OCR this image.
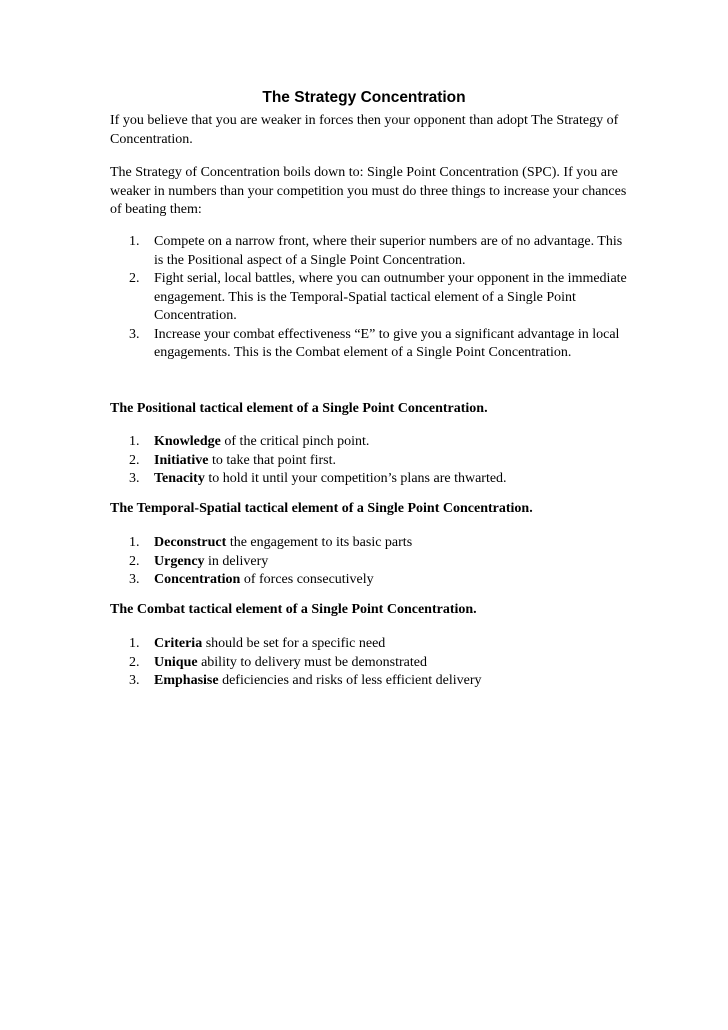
The Strategy Concentration
If you believe that you are weaker in forces then your opponent than adopt The Strategy of Concentration.
The Strategy of Concentration boils down to: Single Point Concentration (SPC). If you are weaker in numbers than your competition you must do three things to increase your chances of beating them:
1. Compete on a narrow front, where their superior numbers are of no advantage. This is the Positional aspect of a Single Point Concentration.
2. Fight serial, local battles, where you can outnumber your opponent in the immediate engagement. This is the Temporal-Spatial tactical element of a Single Point Concentration.
3. Increase your combat effectiveness “E” to give you a significant advantage in local engagements. This is the Combat element of a Single Point Concentration.
The Positional tactical element of a Single Point Concentration.
1. Knowledge of the critical pinch point.
2. Initiative to take that point first.
3. Tenacity to hold it until your competition’s plans are thwarted.
The Temporal-Spatial tactical element of a Single Point Concentration.
1. Deconstruct the engagement to its basic parts
2. Urgency in delivery
3. Concentration of forces consecutively
The Combat tactical element of a Single Point Concentration.
1. Criteria should be set for a specific need
2. Unique ability to delivery must be demonstrated
3. Emphasise deficiencies and risks of less efficient delivery
